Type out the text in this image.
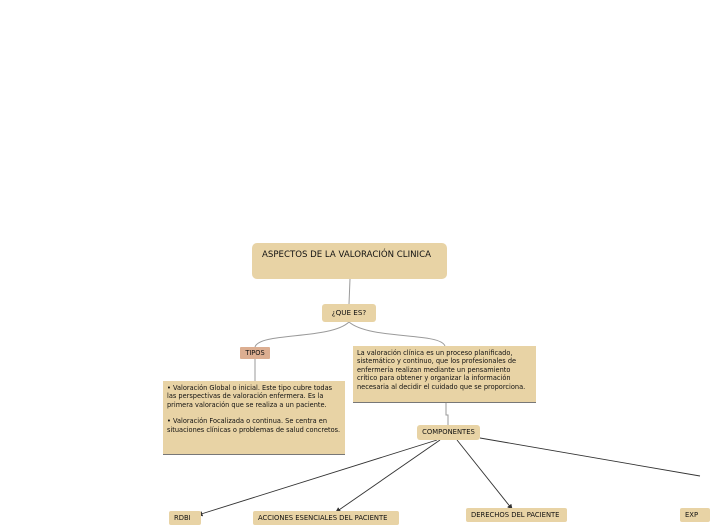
ASPECTOS DE LA VALORACIÓN CLINICA
¿QUE ES?
TIPOS	La valoración clínica es un proceso planificado, sistemático y continuo, que los profesionales de enfermería realizan mediante un pensamiento crítico para obtener y organizar la información necesaria al decidir el cuidado que se proporciona.

• Valoración Global o inicial. Este tipo cubre todas las perspectivas de valoración enfermera. Es la primera valoración que se realiza a un paciente.

• Valoración Focalizada o continua. Se centra en situaciones clínicas o problemas de salud concretos.	COMPONENTES
RDBI	ACCIONES ESENCIALES DEL PACIENTE	DERECHOS DEL PACIENTE	EXP
